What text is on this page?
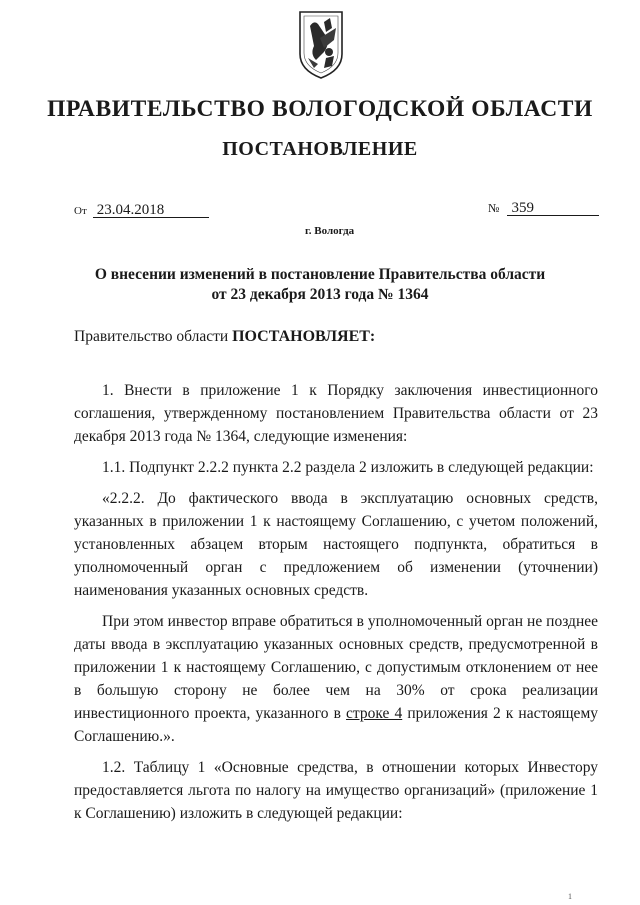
ПРАВИТЕЛЬСТВО ВОЛОГОДСКОЙ ОБЛАСТИ
ПОСТАНОВЛЕНИЕ
От 23.04.2018	№ 359
г. Вологда
О внесении изменений в постановление Правительства области
от 23 декабря 2013 года № 1364
Правительство области ПОСТАНОВЛЯЕТ:

1. Внести в приложение 1 к Порядку заключения инвестиционного соглашения, утвержденному постановлением Правительства области от 23 декабря 2013 года № 1364, следующие изменения:

1.1. Подпункт 2.2.2 пункта 2.2 раздела 2 изложить в следующей редакции:

«2.2.2. До фактического ввода в эксплуатацию основных средств, указанных в приложении 1 к настоящему Соглашению, с учетом положений, установленных абзацем вторым настоящего подпункта, обратиться в уполномоченный орган с предложением об изменении (уточнении) наименования указанных основных средств.

При этом инвестор вправе обратиться в уполномоченный орган не позднее даты ввода в эксплуатацию указанных основных средств, предусмотренной в приложении 1 к настоящему Соглашению, с допустимым отклонением от нее в большую сторону не более чем на 30% от срока реализации инвестиционного проекта, указанного в строке 4 приложения 2 к настоящему Соглашению.».

1.2. Таблицу 1 «Основные средства, в отношении которых Инвестору предоставляется льгота по налогу на имущество организаций» (приложение 1 к Соглашению) изложить в следующей редакции:

1
